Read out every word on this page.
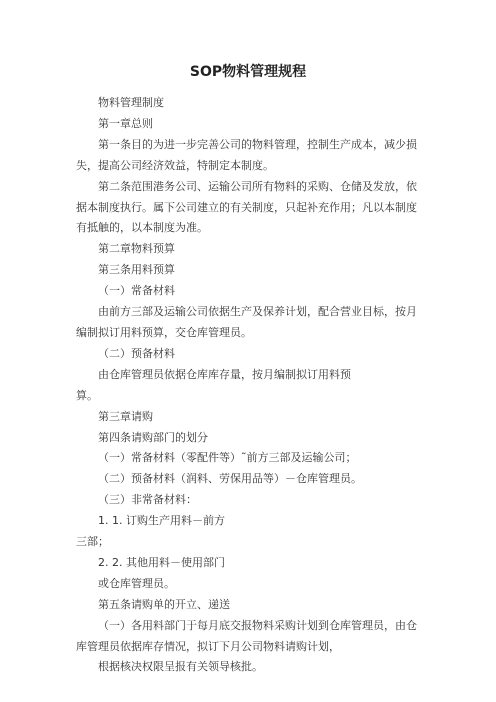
SOP物料管理规程

物料管理制度

第一章总则

第一条目的为进一步完善公司的物料管理，控制生产成本，减少损失，提高公司经济效益，特制定本制度。

第二条范围港务公司、运输公司所有物料的采购、仓储及发放，依据本制度执行。属下公司建立的有关制度，只起补充作用；凡以本制度有抵触的，以本制度为准。

第二章物料预算

第三条用料预算

（一）常备材料

由前方三部及运输公司依据生产及保养计划，配合营业目标，按月编制拟订用料预算，交仓库管理员。

（二）预备材料

由仓库管理员依据仓库库存量，按月编制拟订用料预

算。

第三章请购

第四条请购部门的划分

（一）常备材料（零配件等）˜前方三部及运输公司；

（二）预备材料（润料、劳保用品等）－仓库管理员。

（三）非常备材料：

1. 1. 订购生产用料－前方

三部；

2. 2. 其他用料－使用部门

或仓库管理员。

第五条请购单的开立、递送

（一）各用料部门于每月底交报物料采购计划到仓库管理员，由仓库管理员依据库存情况，拟订下月公司物料请购计划，

根据核决权限呈报有关领导核批。
